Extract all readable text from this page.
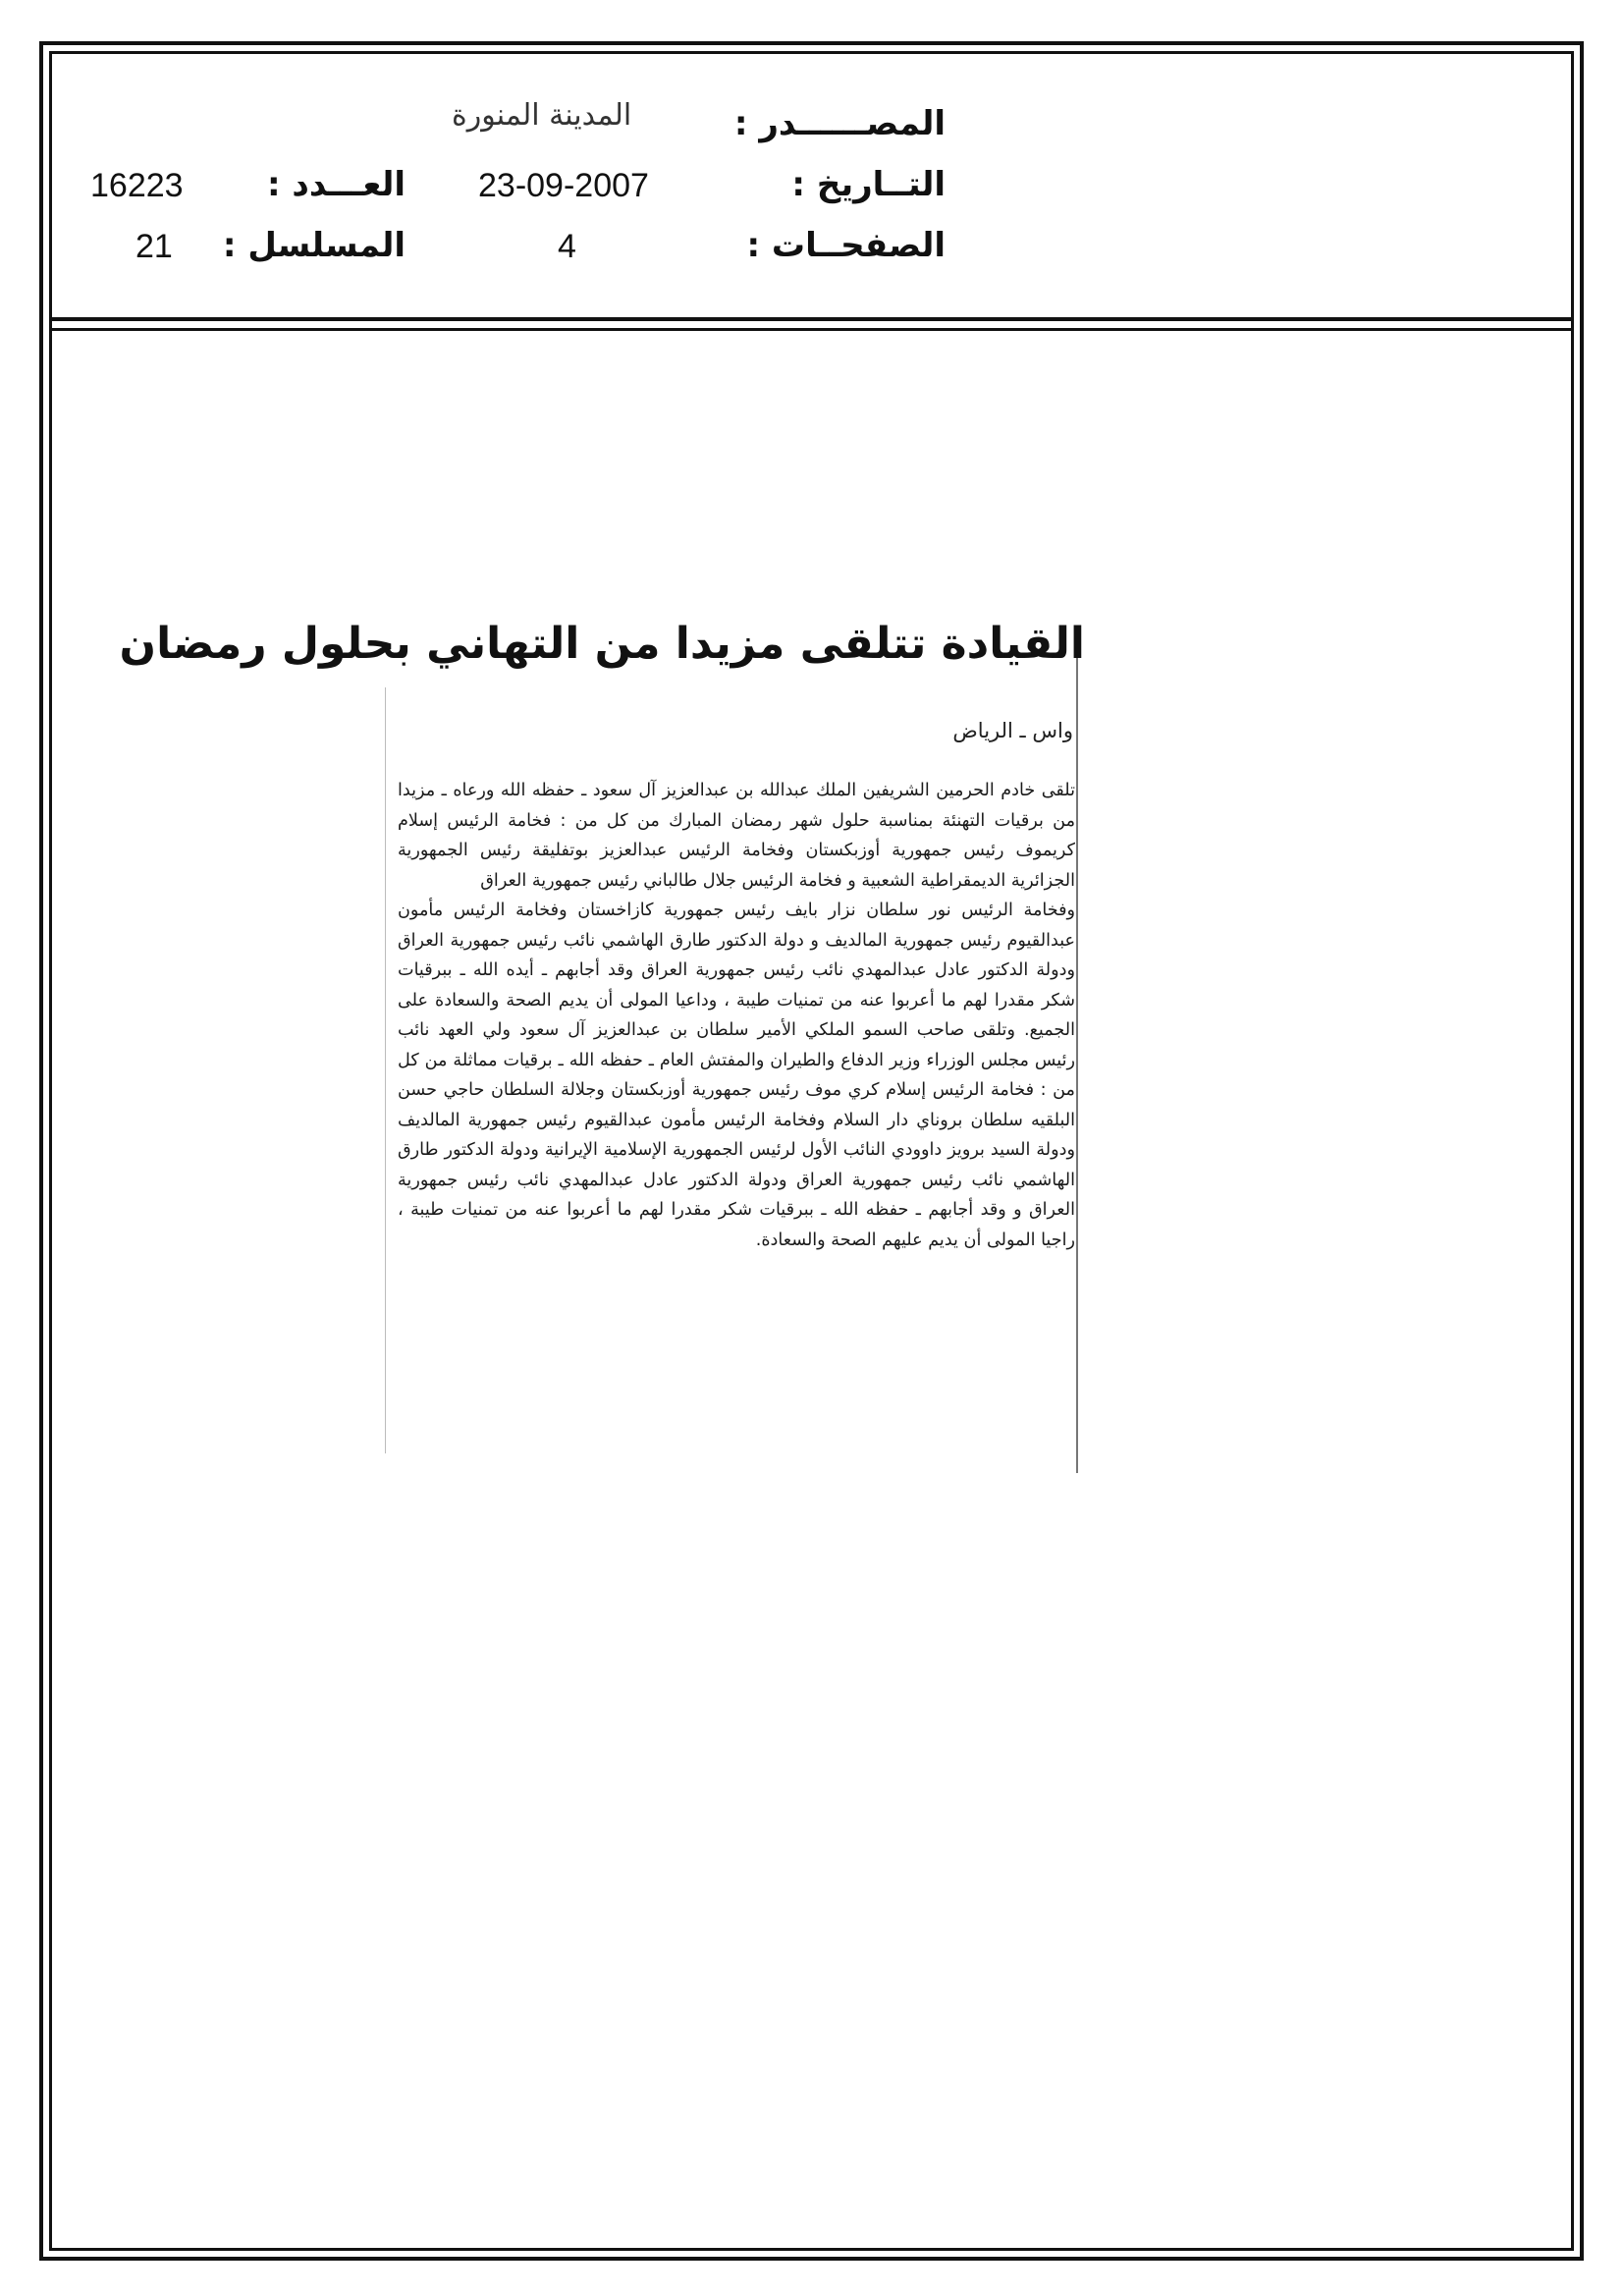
المصــــــدر :
التــاريخ :
الصفحــات :
المدينة المنورة
23-09-2007
4
العـــدد :
المسلسل :
16223
21
القيادة تتلقى مزيدا من التهاني بحلول رمضان
واس ـ الرياض

تلقى خادم الحرمين الشريفين الملك عبدالله بن عبدالعزيز آل سعود ـ حفظه الله ورعاه ـ مزيدا من برقيات التهنئة بمناسبة حلول شهر رمضان المبارك من كل من : فخامة الرئيس إسلام كريموف رئيس جمهورية أوزبكستان وفخامة الرئيس عبدالعزيز بوتفليقة رئيس الجمهورية الجزائرية الديمقراطية الشعبية و فخامة الرئيس جلال طالباني رئيس جمهورية العراق

وفخامة الرئيس نور سلطان نزار بايف رئيس جمهورية كازاخستان وفخامة الرئيس مأمون عبدالقيوم رئيس جمهورية المالديف و دولة الدكتور طارق الهاشمي نائب رئيس جمهورية العراق ودولة الدكتور عادل عبدالمهدي نائب رئيس جمهورية العراق وقد أجابهم ـ أيده الله ـ ببرقيات شكر مقدرا لهم ما أعربوا عنه من تمنيات طيبة ، وداعيا المولى أن يديم الصحة والسعادة على الجميع. وتلقى صاحب السمو الملكي الأمير سلطان بن عبدالعزيز آل سعود ولي العهد نائب رئيس مجلس الوزراء وزير الدفاع والطيران والمفتش العام ـ حفظه الله ـ برقيات مماثلة من كل من : فخامة الرئيس إسلام كري موف رئيس جمهورية أوزبكستان وجلالة السلطان حاجي حسن البلقيه سلطان بروناي دار السلام وفخامة الرئيس مأمون عبدالقيوم رئيس جمهورية المالديف ودولة السيد برويز داوودي النائب الأول لرئيس الجمهورية الإسلامية الإيرانية ودولة الدكتور طارق الهاشمي نائب رئيس جمهورية العراق ودولة الدكتور عادل عبدالمهدي نائب رئيس جمهورية العراق و وقد أجابهم ـ حفظه الله ـ ببرقيات شكر مقدرا لهم ما أعربوا عنه من تمنيات طيبة ، راجيا المولى أن يديم عليهم الصحة والسعادة.
